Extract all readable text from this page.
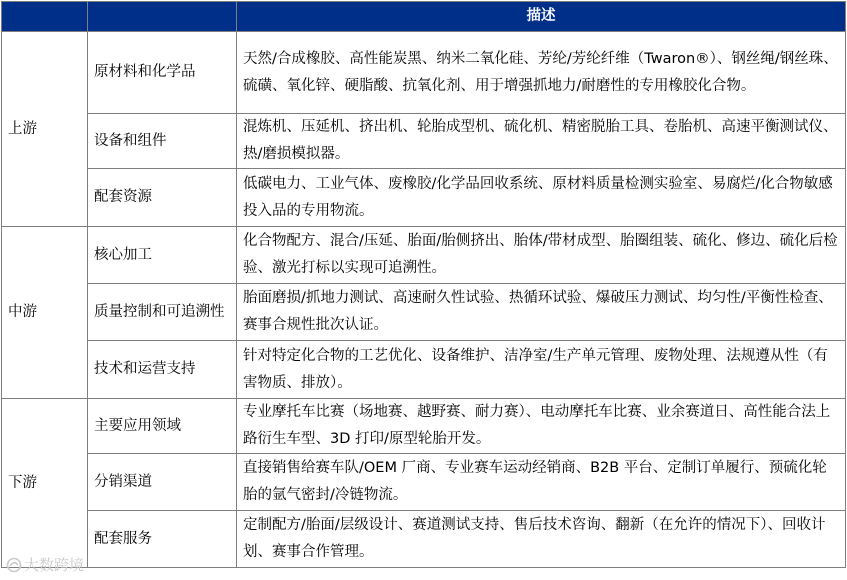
		描述
上游	原材料和化学品	天然/合成橡胶、高性能炭黑、纳米二氧化硅、芳纶/芳纶纤维（Twaron®）、钢丝绳/钢丝珠、硫磺、氧化锌、硬脂酸、抗氧化剂、用于增强抓地力/耐磨性的专用橡胶化合物。
	设备和组件	混炼机、压延机、挤出机、轮胎成型机、硫化机、精密脱胎工具、卷胎机、高速平衡测试仪、热/磨损模拟器。
	配套资源	低碳电力、工业气体、废橡胶/化学品回收系统、原材料质量检测实验室、易腐烂/化合物敏感投入品的专用物流。
中游	核心加工	化合物配方、混合/压延、胎面/胎侧挤出、胎体/带材成型、胎圈组装、硫化、修边、硫化后检验、激光打标以实现可追溯性。
	质量控制和可追溯性	胎面磨损/抓地力测试、高速耐久性试验、热循环试验、爆破压力测试、均匀性/平衡性检查、赛事合规性批次认证。
	技术和运营支持	针对特定化合物的工艺优化、设备维护、洁净室/生产单元管理、废物处理、法规遵从性（有害物质、排放）。
下游	主要应用领域	专业摩托车比赛（场地赛、越野赛、耐力赛）、电动摩托车比赛、业余赛道日、高性能合法上路衍生车型、3D 打印/原型轮胎开发。
	分销渠道	直接销售给赛车队/OEM 厂商、专业赛车运动经销商、B2B 平台、定制订单履行、预硫化轮胎的氩气密封/冷链物流。
	配套服务	定制配方/胎面/层级设计、赛道测试支持、售后技术咨询、翻新（在允许的情况下）、回收计划、赛事合作管理。
大数跨境
